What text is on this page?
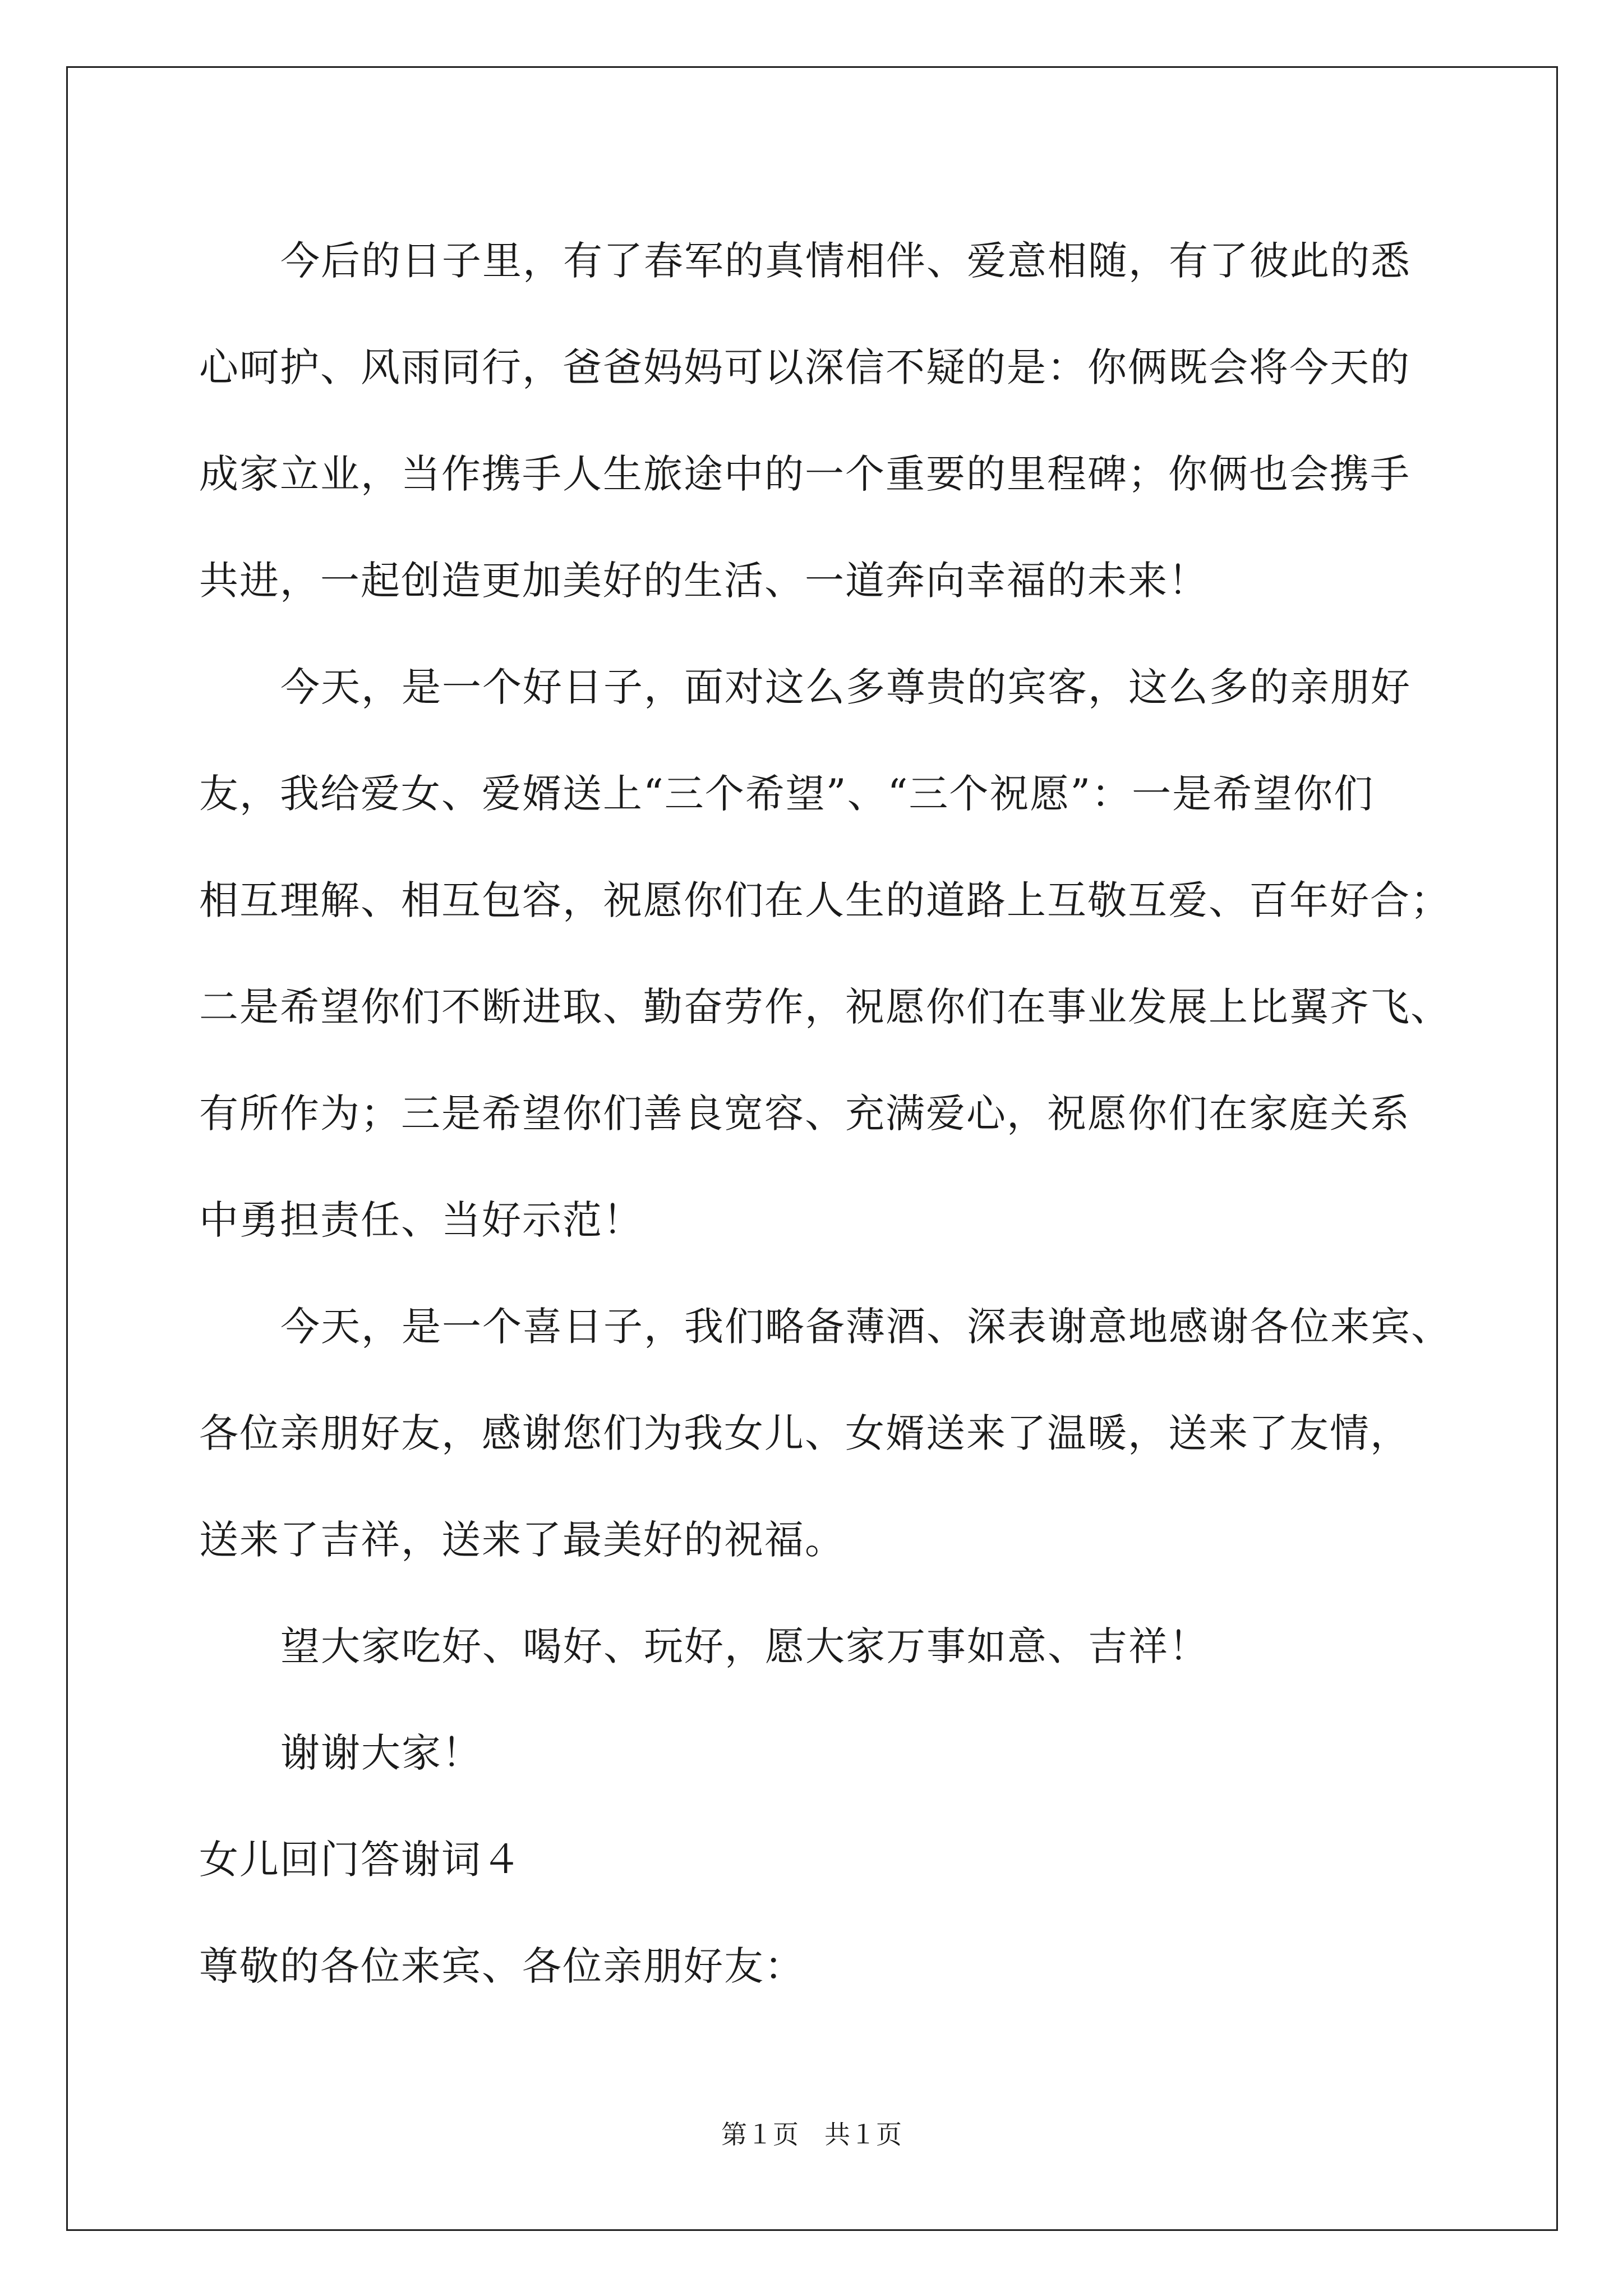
今后的日子里，有了春军的真情相伴、爱意相随，有了彼此的悉
心呵护、风雨同行，爸爸妈妈可以深信不疑的是：你俩既会将今天的
成家立业，当作携手人生旅途中的一个重要的里程碑；你俩也会携手
共进，一起创造更加美好的生活、一道奔向幸福的未来！
今天，是一个好日子，面对这么多尊贵的宾客，这么多的亲朋好
友，我给爱女、爱婿送上“三个希望”、“三个祝愿”：一是希望你们
相互理解、相互包容，祝愿你们在人生的道路上互敬互爱、百年好合；
二是希望你们不断进取、勤奋劳作，祝愿你们在事业发展上比翼齐飞、
有所作为；三是希望你们善良宽容、充满爱心，祝愿你们在家庭关系
中勇担责任、当好示范！
今天，是一个喜日子，我们略备薄酒、深表谢意地感谢各位来宾、
各位亲朋好友，感谢您们为我女儿、女婿送来了温暖，送来了友情，
送来了吉祥，送来了最美好的祝福。
望大家吃好、喝好、玩好，愿大家万事如意、吉祥！
谢谢大家！
女儿回门答谢词４
尊敬的各位来宾、各位亲朋好友：
第１页　共１页
